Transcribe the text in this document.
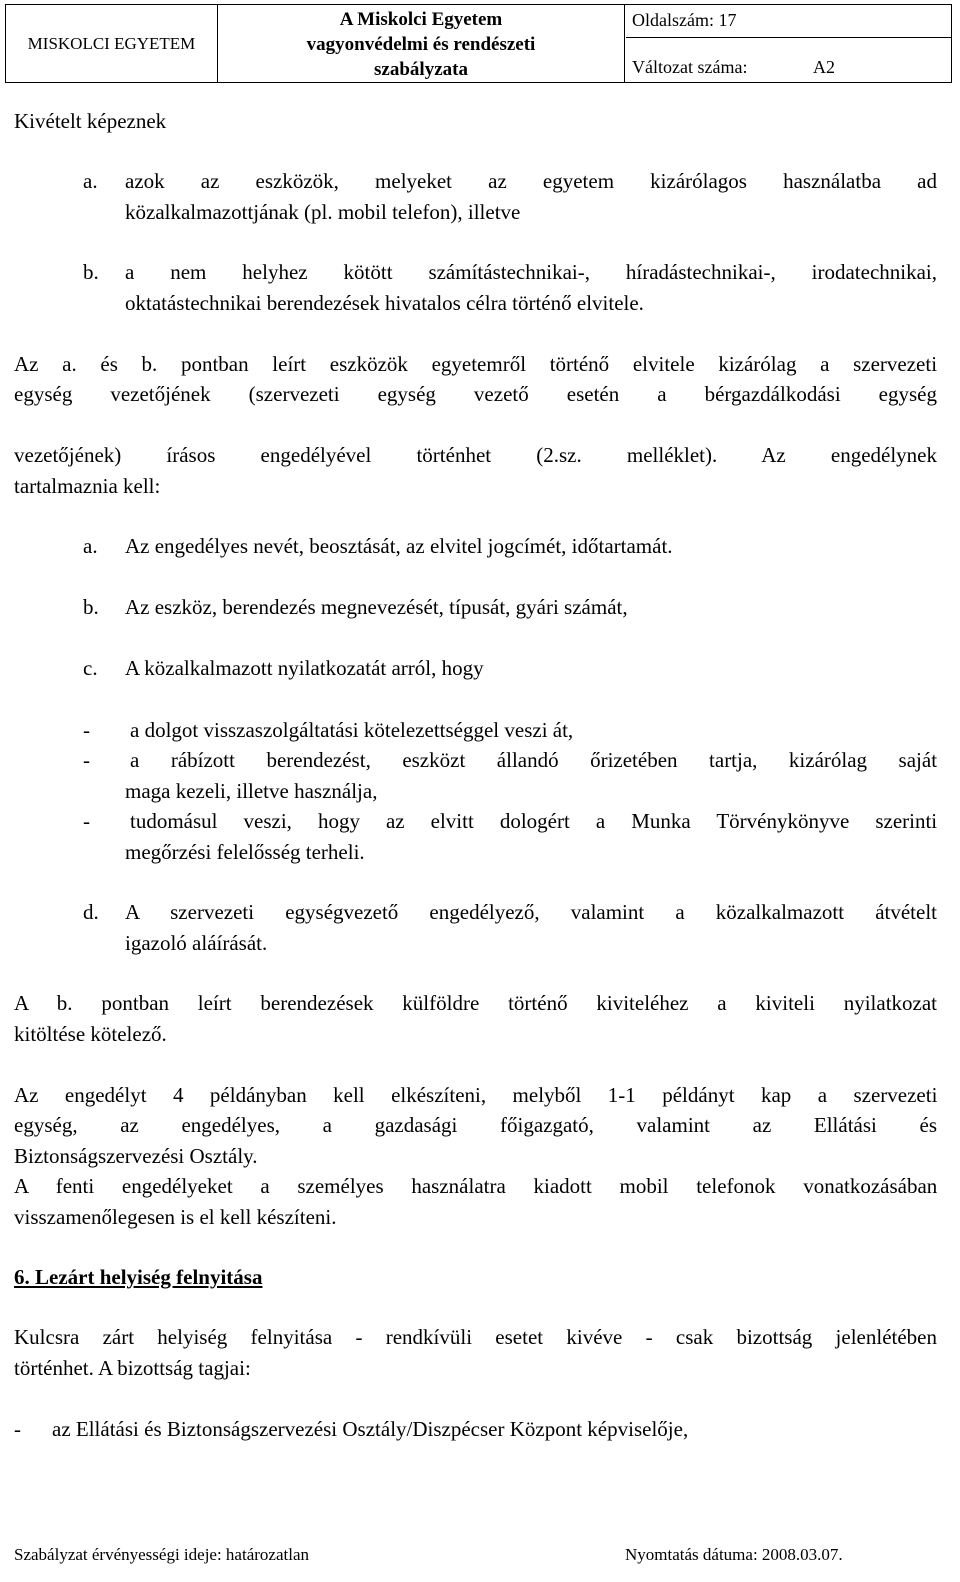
MISKOLCI EGYETEM
A Miskolci Egyetem
vagyonvédelmi és rendészeti
szabályzata
Oldalszám: 17
Változat száma:	A2
Kivételt képeznek
a. azok az eszközök, melyeket az egyetem kizárólagos használatba ad
közalkalmazottjának (pl. mobil telefon), illetve
b. a nem helyhez kötött számítástechnikai-, híradástechnikai-, irodatechnikai,
oktatástechnikai berendezések hivatalos célra történő elvitele.
Az a. és b. pontban leírt eszközök egyetemről történő elvitele kizárólag a szervezeti
egység vezetőjének (szervezeti egység vezető esetén a bérgazdálkodási egység
vezetőjének) írásos engedélyével történhet (2.sz. melléklet). Az engedélynek
tartalmaznia kell:
a. Az engedélyes nevét, beosztását, az elvitel jogcímét, időtartamát.
b. Az eszköz, berendezés megnevezését, típusát, gyári számát,
c. A közalkalmazott nyilatkozatát arról, hogy
- a dolgot visszaszolgáltatási kötelezettséggel veszi át,
- a rábízott berendezést, eszközt állandó őrizetében tartja, kizárólag saját
maga kezeli, illetve használja,
- tudomásul veszi, hogy az elvitt dologért a Munka Törvénykönyve szerinti
megőrzési felelősség terheli.
d. A szervezeti egységvezető engedélyező, valamint a közalkalmazott átvételt
igazoló aláírását.
A b. pontban leírt berendezések külföldre történő kiviteléhez a kiviteli nyilatkozat
kitöltése kötelező.
Az engedélyt 4 példányban kell elkészíteni, melyből 1-1 példányt kap a szervezeti
egység, az engedélyes, a gazdasági főigazgató, valamint az Ellátási és
Biztonságszervezési Osztály.
A fenti engedélyeket a személyes használatra kiadott mobil telefonok vonatkozásában
visszamenőlegesen is el kell készíteni.
6. Lezárt helyiség felnyitása
Kulcsra zárt helyiség felnyitása - rendkívüli esetet kivéve - csak bizottság jelenlétében
történhet. A bizottság tagjai:
- az Ellátási és Biztonságszervezési Osztály/Diszpécser Központ képviselője,
Szabályzat érvényességi ideje: határozatlan	Nyomtatás dátuma: 2008.03.07.
